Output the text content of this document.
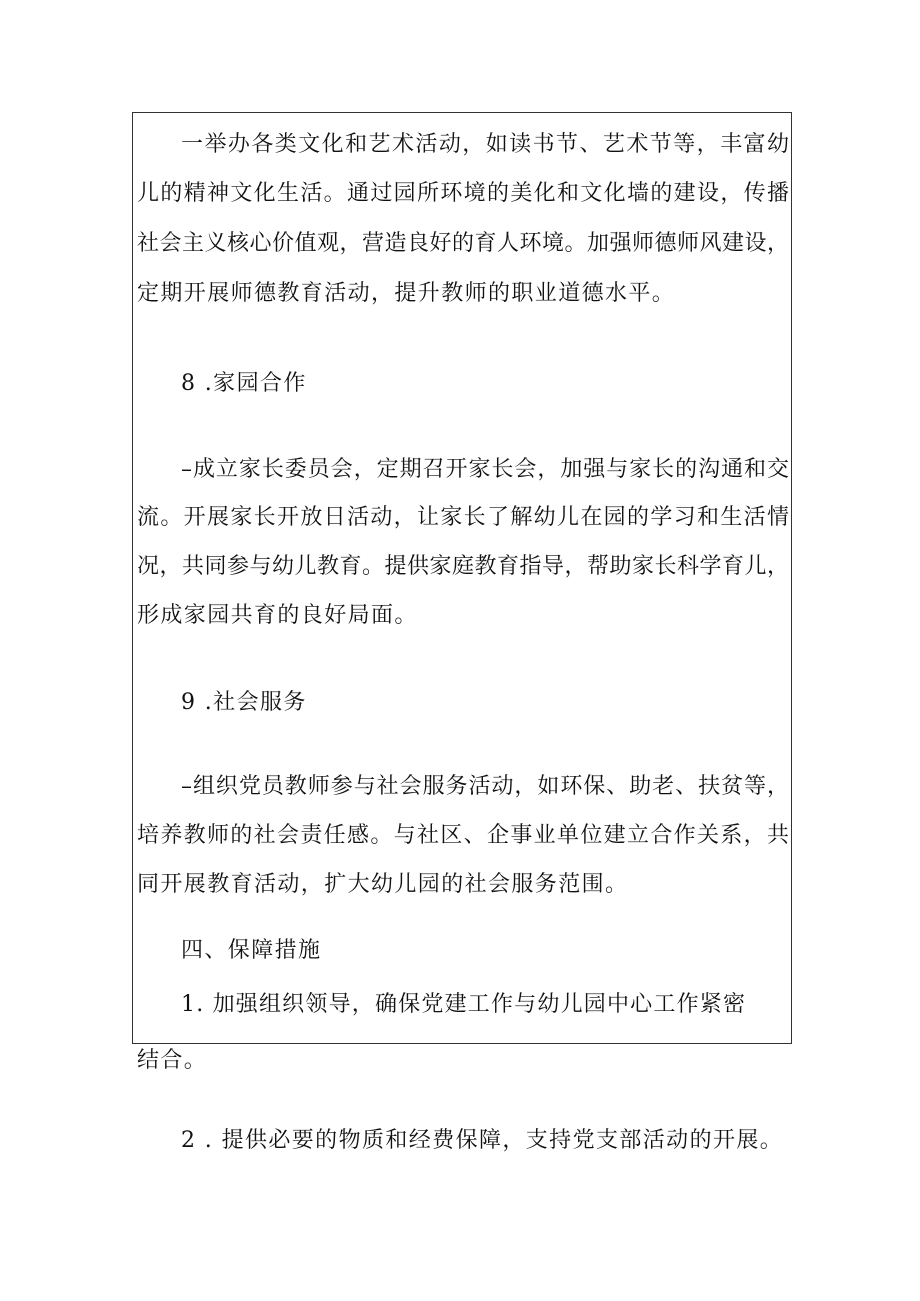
一举办各类文化和艺术活动，如读书节、艺术节等，丰富幼

儿的精神文化生活。通过园所环境的美化和文化墙的建设，传播

社会主义核心价值观，营造良好的育人环境。加强师德师风建设，

定期开展师德教育活动，提升教师的职业道德水平。

8 .家园合作

–成立家长委员会，定期召开家长会，加强与家长的沟通和交

流。开展家长开放日活动，让家长了解幼儿在园的学习和生活情

况，共同参与幼儿教育。提供家庭教育指导，帮助家长科学育儿，

形成家园共育的良好局面。

9 .社会服务

–组织党员教师参与社会服务活动，如环保、助老、扶贫等，

培养教师的社会责任感。与社区、企事业单位建立合作关系，共

同开展教育活动，扩大幼儿园的社会服务范围。

四、保障措施

1. 加强组织领导，确保党建工作与幼儿园中心工作紧密

结合。

2 . 提供必要的物质和经费保障，支持党支部活动的开展。
